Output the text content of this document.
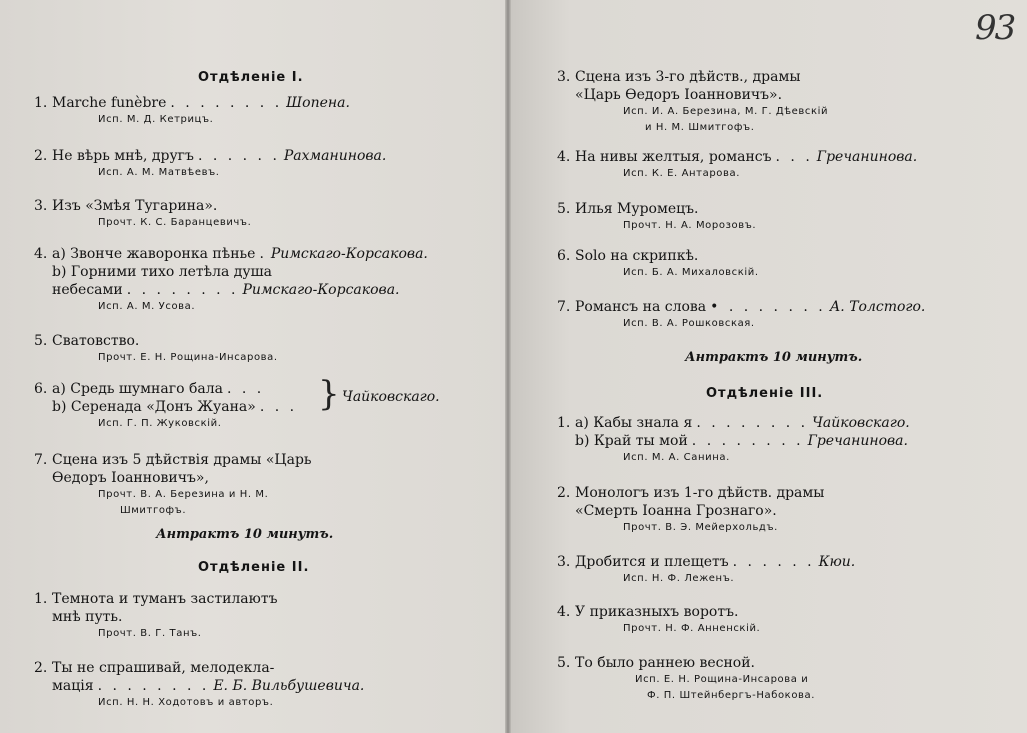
93
Отдѣленіе I.
1. Marche funèbre . . . . . . . . Шопена.
Исп. М. Д. Кетрицъ.
2. Не вѣрь мнѣ, другъ . . . . . . Рахманинова.
Исп. А. М. Матвѣевъ.
3. Изъ «Змѣя Тугарина».
Прочт. К. С. Баранцевичъ.
4. а) Звонче жаворонка пѣнье . Римскаго-Корсакова.
b) Горними тихо летѣла душа
небесами . . . . . . . . Римскаго-Корсакова.
Исп. А. М. Усова.
5. Сватовство.
Прочт. Е. Н. Рощина-Инсарова.
6. а) Средь шумнаго бала . . .
b) Серенада «Донъ Жуана» . . .
Исп. Г. П. Жуковскій.
} Чайковскаго.
7. Сцена изъ 5 дѣйствія драмы «Царь
Ѳедоръ Іоанновичъ»,
Прочт. В. А. Березина и Н. М.
Шмитгофъ.
Антрактъ 10 минутъ.
Отдѣленіе II.
1. Темнота и туманъ застилаютъ
мнѣ путь.
Прочт. В. Г. Танъ.
2. Ты не спрашивай, мелодекла-
мація . . . . . . . . Е. Б. Вильбушевича.
Исп. Н. Н. Ходотовъ и авторъ.
3. Сцена изъ 3-го дѣйств., драмы
«Царь Ѳедоръ Іоанновичъ».
Исп. И. А. Березина, М. Г. Дѣевскій
и Н. М. Шмитгофъ.
4. На нивы желтыя, романсъ . . . Гречанинова.
Исп. К. Е. Антарова.
5. Илья Муромецъ.
Прочт. Н. А. Морозовъ.
6. Solo на скрипкѣ.
Исп. Б. А. Михаловскій.
7. Романсъ на слова • . . . . . . . А. Толстого.
Исп. В. А. Рошковская.
Антрактъ 10 минутъ.
Отдѣленіе III.
1. а) Кабы знала я . . . . . . . . Чайковскаго.
b) Край ты мой . . . . . . . . Гречанинова.
Исп. М. А. Санина.
2. Монологъ изъ 1-го дѣйств. драмы
«Смерть Іоанна Грознаго».
Прочт. В. Э. Мейерхольдъ.
3. Дробится и плещетъ . . . . . . Кюи.
Исп. Н. Ф. Леженъ.
4. У приказныхъ воротъ.
Прочт. Н. Ф. Анненскій.
5. То было раннею весной.
Исп. Е. Н. Рощина-Инсарова и
Ф. П. Штейнбергъ-Набокова.
